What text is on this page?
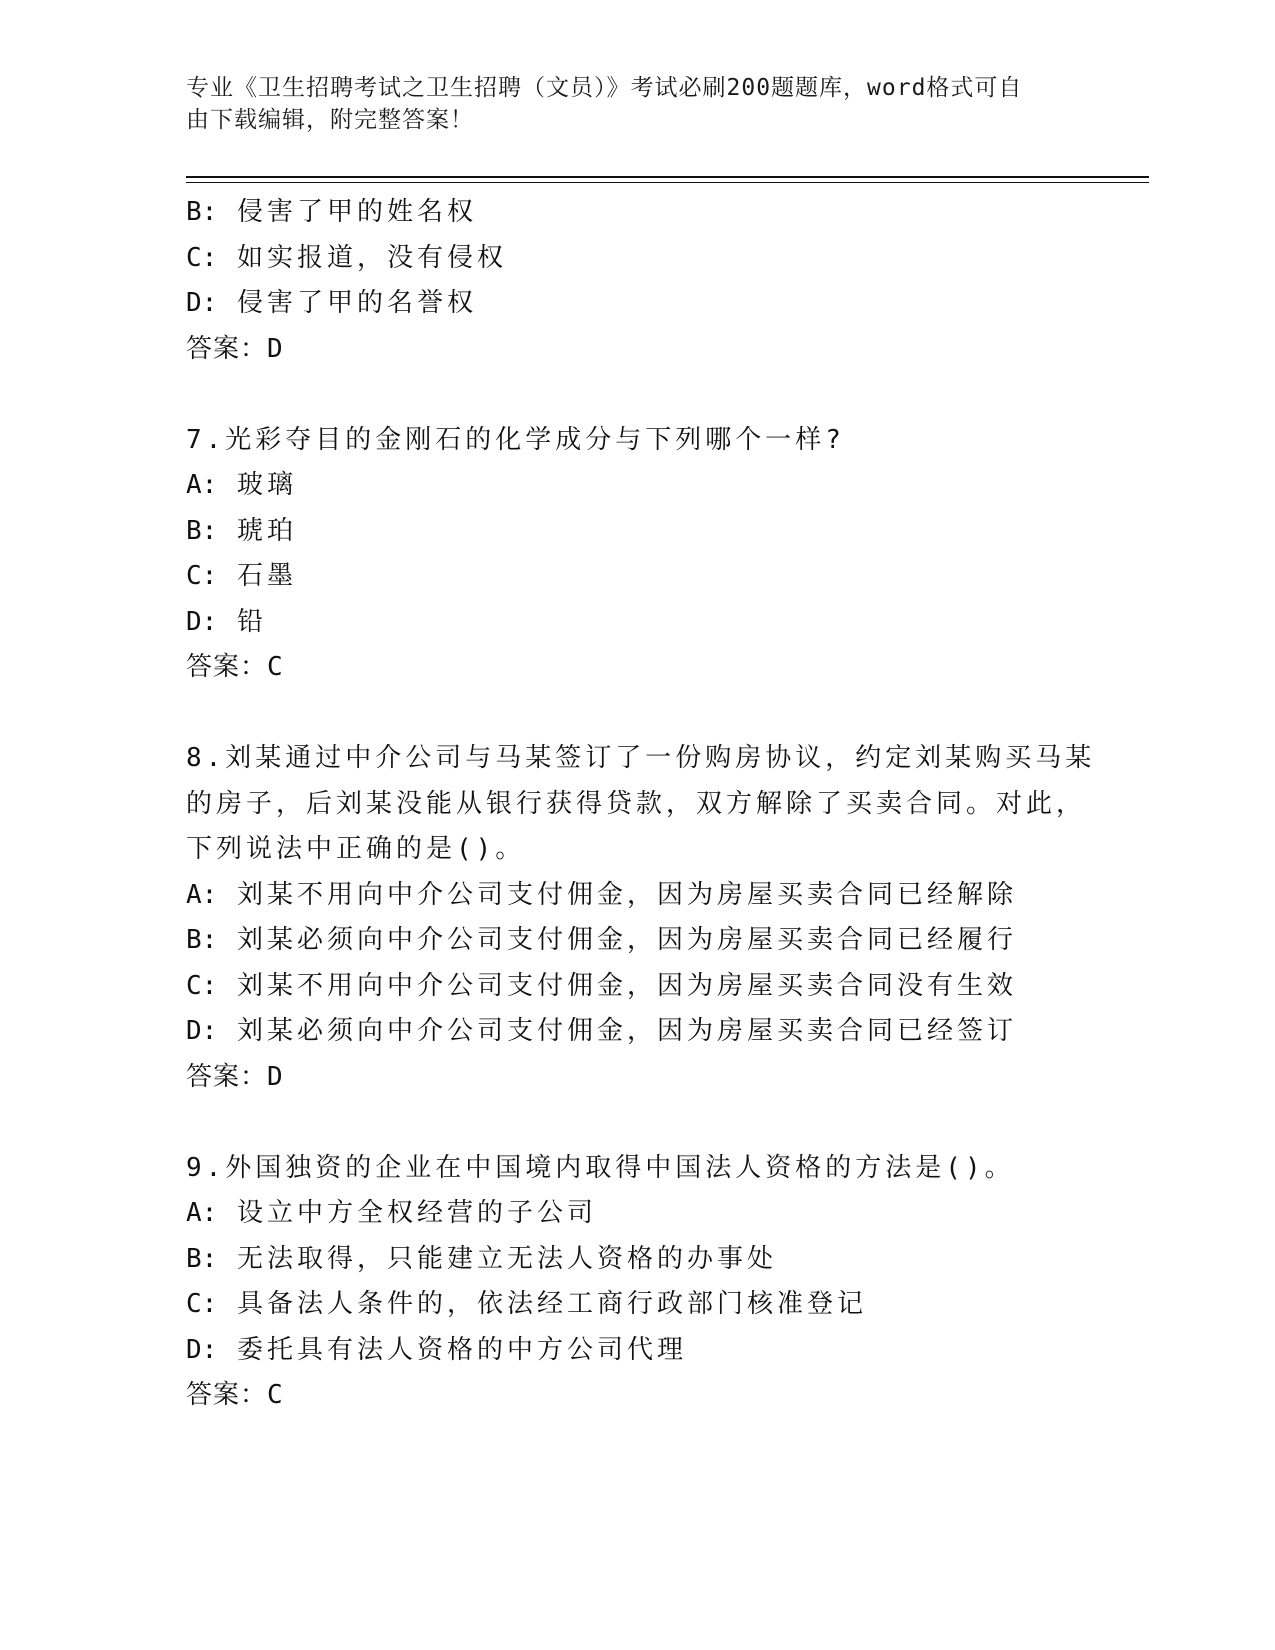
专业《卫生招聘考试之卫生招聘（文员）》考试必刷200题题库，word格式可自
由下载编辑，附完整答案！
B: 侵害了甲的姓名权
C: 如实报道，没有侵权
D: 侵害了甲的名誉权
答案：D
7.光彩夺目的金刚石的化学成分与下列哪个一样?
A: 玻璃
B: 琥珀
C: 石墨
D: 铅
答案：C
8.刘某通过中介公司与马某签订了一份购房协议，约定刘某购买马某
的房子，后刘某没能从银行获得贷款，双方解除了买卖合同。对此，
下列说法中正确的是()。
A: 刘某不用向中介公司支付佣金，因为房屋买卖合同已经解除
B: 刘某必须向中介公司支付佣金，因为房屋买卖合同已经履行
C: 刘某不用向中介公司支付佣金，因为房屋买卖合同没有生效
D: 刘某必须向中介公司支付佣金，因为房屋买卖合同已经签订
答案：D
9.外国独资的企业在中国境内取得中国法人资格的方法是()。
A: 设立中方全权经营的子公司
B: 无法取得，只能建立无法人资格的办事处
C: 具备法人条件的，依法经工商行政部门核准登记
D: 委托具有法人资格的中方公司代理
答案：C
